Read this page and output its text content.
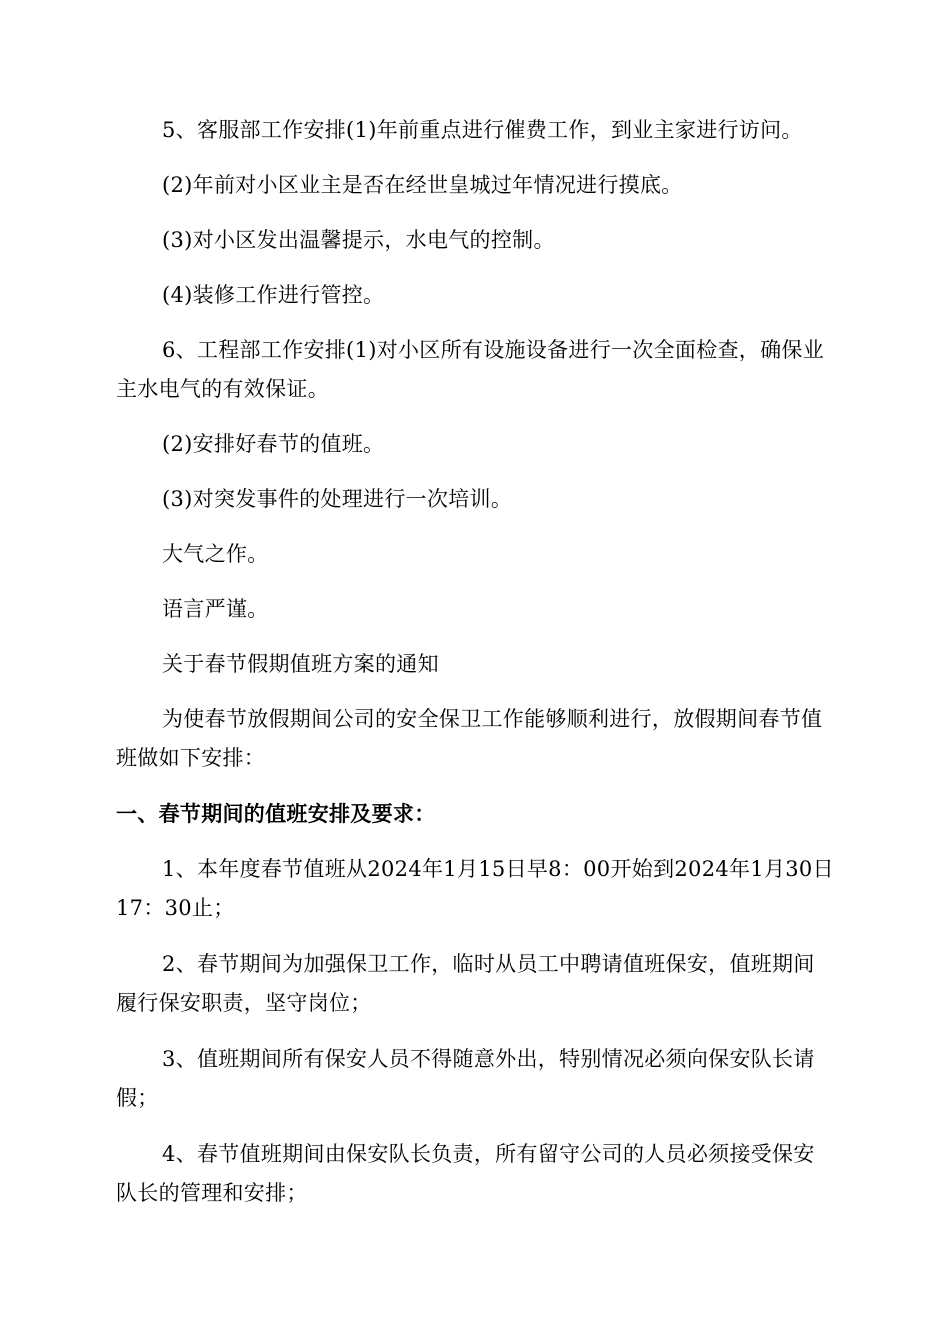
5、客服部工作安排(1)年前重点进行催费工作，到业主家进行访问。

(2)年前对小区业主是否在经世皇城过年情况进行摸底。

(3)对小区发出温馨提示，水电气的控制。

(4)装修工作进行管控。

6、工程部工作安排(1)对小区所有设施设备进行一次全面检查，确保业主水电气的有效保证。

(2)安排好春节的值班。

(3)对突发事件的处理进行一次培训。

大气之作。

语言严谨。

关于春节假期值班方案的通知

为使春节放假期间公司的安全保卫工作能够顺利进行，放假期间春节值班做如下安排：

一、春节期间的值班安排及要求：

1、本年度春节值班从2024年1月15日早8：00开始到2024年1月30日17：30止；

2、春节期间为加强保卫工作，临时从员工中聘请值班保安，值班期间履行保安职责，坚守岗位；

3、值班期间所有保安人员不得随意外出，特别情况必须向保安队长请假；

4、春节值班期间由保安队长负责，所有留守公司的人员必须接受保安队长的管理和安排；
